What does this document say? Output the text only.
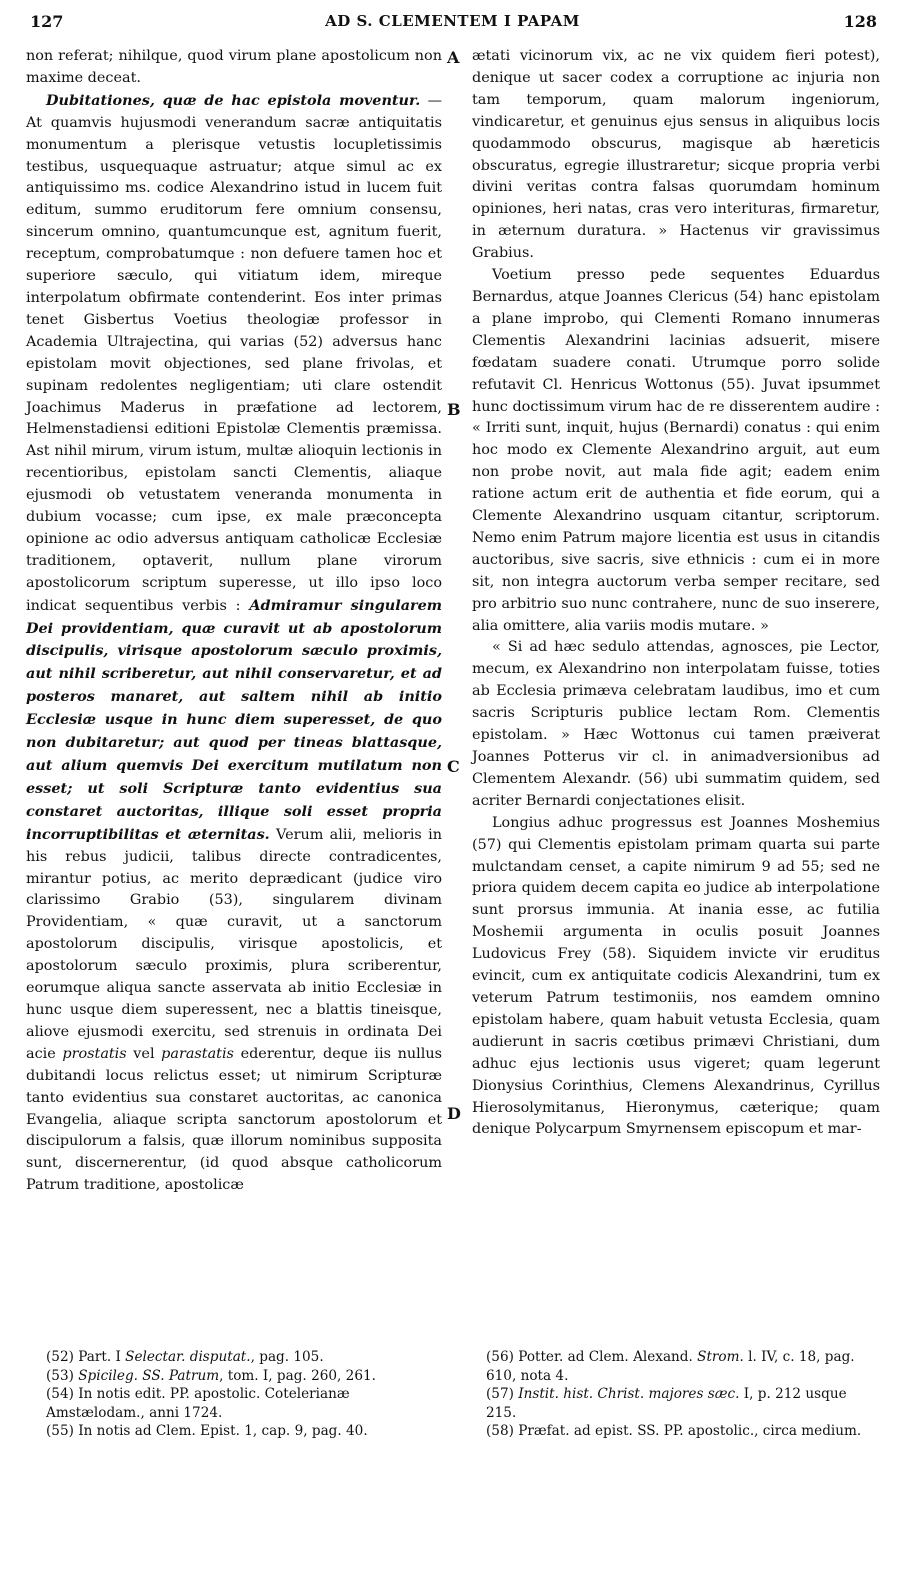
127	AD S. CLEMENTEM I PAPAM	128

non referat; nihilque, quod virum plane apostolicum non maxime deceat.

Dubitationes, quæ de hac epistola moventur. — At quamvis hujusmodi venerandum sacræ antiquitatis monumentum a plerisque vetustis locupletissimis testibus, usquequaque astruatur; atque simul ac ex antiquissimo ms. codice Alexandrino istud in lucem fuit editum, summo eruditorum fere omnium consensu, sincerum omnino, quantumcunque est, agnitum fuerit, receptum, comprobatumque : non defuere tamen hoc et superiore sæculo, qui vitiatum idem, mireque interpolatum obfirmate contenderint. Eos inter primas tenet Gisbertus Voetius theologiæ professor in Academia Ultrajectina, qui varias (52) adversus hanc epistolam movit objectiones, sed plane frivolas, et supinam redolentes negligentiam; uti clare ostendit Joachimus Maderus in præfatione ad lectorem, Helmenstadiensi editioni Epistolæ Clementis præmissa. Ast nihil mirum, virum istum, multæ alioquin lectionis in recentioribus, epistolam sancti Clementis, aliaque ejusmodi ob vetustatem veneranda monumenta in dubium vocasse; cum ipse, ex male præconcepta opinione ac odio adversus antiquam catholicæ Ecclesiæ traditionem, optaverit, nullum plane virorum apostolicorum scriptum superesse, ut illo ipso loco indicat sequentibus verbis : Admiramur singularem Dei providentiam, quæ curavit ut ab apostolorum discipulis, virisque apostolorum sæculo proximis, aut nihil scriberetur, aut nihil conservaretur, et ad posteros manaret, aut saltem nihil ab initio Ecclesiæ usque in hunc diem superesset, de quo non dubitaretur; aut quod per tineas blattasque, aut alium quemvis Dei exercitum mutilatum non esset; ut soli Scripturæ tanto evidentius sua constaret auctoritas, illique soli esset propria incorruptibilitas et æternitas. Verum alii, melioris in his rebus judicii, talibus directe contradicentes, mirantur potius, ac merito deprædicant (judice viro clarissimo Grabio (53), singularem divinam Providentiam, « quæ curavit, ut a sanctorum apostolorum discipulis, virisque apostolicis, et apostolorum sæculo proximis, plura scriberentur, eorumque aliqua sancte asservata ab initio Ecclesiæ in hunc usque diem superessent, nec a blattis tineisque, aliove ejusmodi exercitu, sed strenuis in ordinata Dei acie prostatis vel parastatis ederentur, deque iis nullus dubitandi locus relictus esset; ut nimirum Scripturæ tanto evidentius sua constaret auctoritas, ac canonica Evangelia, aliaque scripta sanctorum apostolorum et discipulorum a falsis, quæ illorum nominibus supposita sunt, discernerentur, (id quod absque catholicorum Patrum traditione, apostolicæ

A
B
C
D

ætati vicinorum vix, ac ne vix quidem fieri potest), denique ut sacer codex a corruptione ac injuria non tam temporum, quam malorum ingeniorum, vindicaretur, et genuinus ejus sensus in aliquibus locis quodammodo obscurus, magisque ab hæreticis obscuratus, egregie illustraretur; sicque propria verbi divini veritas contra falsas quorumdam hominum opiniones, heri natas, cras vero interituras, firmaretur, in æternum duratura. » Hactenus vir gravissimus Grabius.

Voetium presso pede sequentes Eduardus Bernardus, atque Joannes Clericus (54) hanc epistolam a plane improbo, qui Clementi Romano innumeras Clementis Alexandrini lacinias adsuerit, misere fœdatam suadere conati. Utrumque porro solide refutavit Cl. Henricus Wottonus (55). Juvat ipsummet hunc doctissimum virum hac de re disserentem audire : « Irriti sunt, inquit, hujus (Bernardi) conatus : qui enim hoc modo ex Clemente Alexandrino arguit, aut eum non probe novit, aut mala fide agit; eadem enim ratione actum erit de authentia et fide eorum, qui a Clemente Alexandrino usquam citantur, scriptorum. Nemo enim Patrum majore licentia est usus in citandis auctoribus, sive sacris, sive ethnicis : cum ei in more sit, non integra auctorum verba semper recitare, sed pro arbitrio suo nunc contrahere, nunc de suo inserere, alia omittere, alia variis modis mutare. »

« Si ad hæc sedulo attendas, agnosces, pie Lector, mecum, ex Alexandrino non interpolatam fuisse, toties ab Ecclesia primæva celebratam laudibus, imo et cum sacris Scripturis publice lectam Rom. Clementis epistolam. » Hæc Wottonus cui tamen præiverat Joannes Potterus vir cl. in animadversionibus ad Clementem Alexandr. (56) ubi summatim quidem, sed acriter Bernardi conjectationes elisit.

Longius adhuc progressus est Joannes Moshemius (57) qui Clementis epistolam primam quarta sui parte mulctandam censet, a capite nimirum 9 ad 55; sed ne priora quidem decem capita eo judice ab interpolatione sunt prorsus immunia. At inania esse, ac futilia Moshemii argumenta in oculis posuit Joannes Ludovicus Frey (58). Siquidem invicte vir eruditus evincit, cum ex antiquitate codicis Alexandrini, tum ex veterum Patrum testimoniis, nos eamdem omnino epistolam habere, quam habuit vetusta Ecclesia, quam audierunt in sacris cœtibus primævi Christiani, dum adhuc ejus lectionis usus vigeret; quam legerunt Dionysius Corinthius, Clemens Alexandrinus, Cyrillus Hierosolymitanus, Hieronymus, cæterique; quam denique Polycarpum Smyrnensem episcopum et mar-

(52) Part. I Selectar. disputat., pag. 105.

(53) Spicileg. SS. Patrum, tom. I, pag. 260, 261.

(54) In notis edit. PP. apostolic. Cotelerianæ Amstælodam., anni 1724.

(55) In notis ad Clem. Epist. 1, cap. 9, pag. 40.

(56) Potter. ad Clem. Alexand. Strom. l. IV, c. 18, pag. 610, nota 4.

(57) Instit. hist. Christ. majores sæc. I, p. 212 usque 215.

(58) Præfat. ad epist. SS. PP. apostolic., circa medium.
